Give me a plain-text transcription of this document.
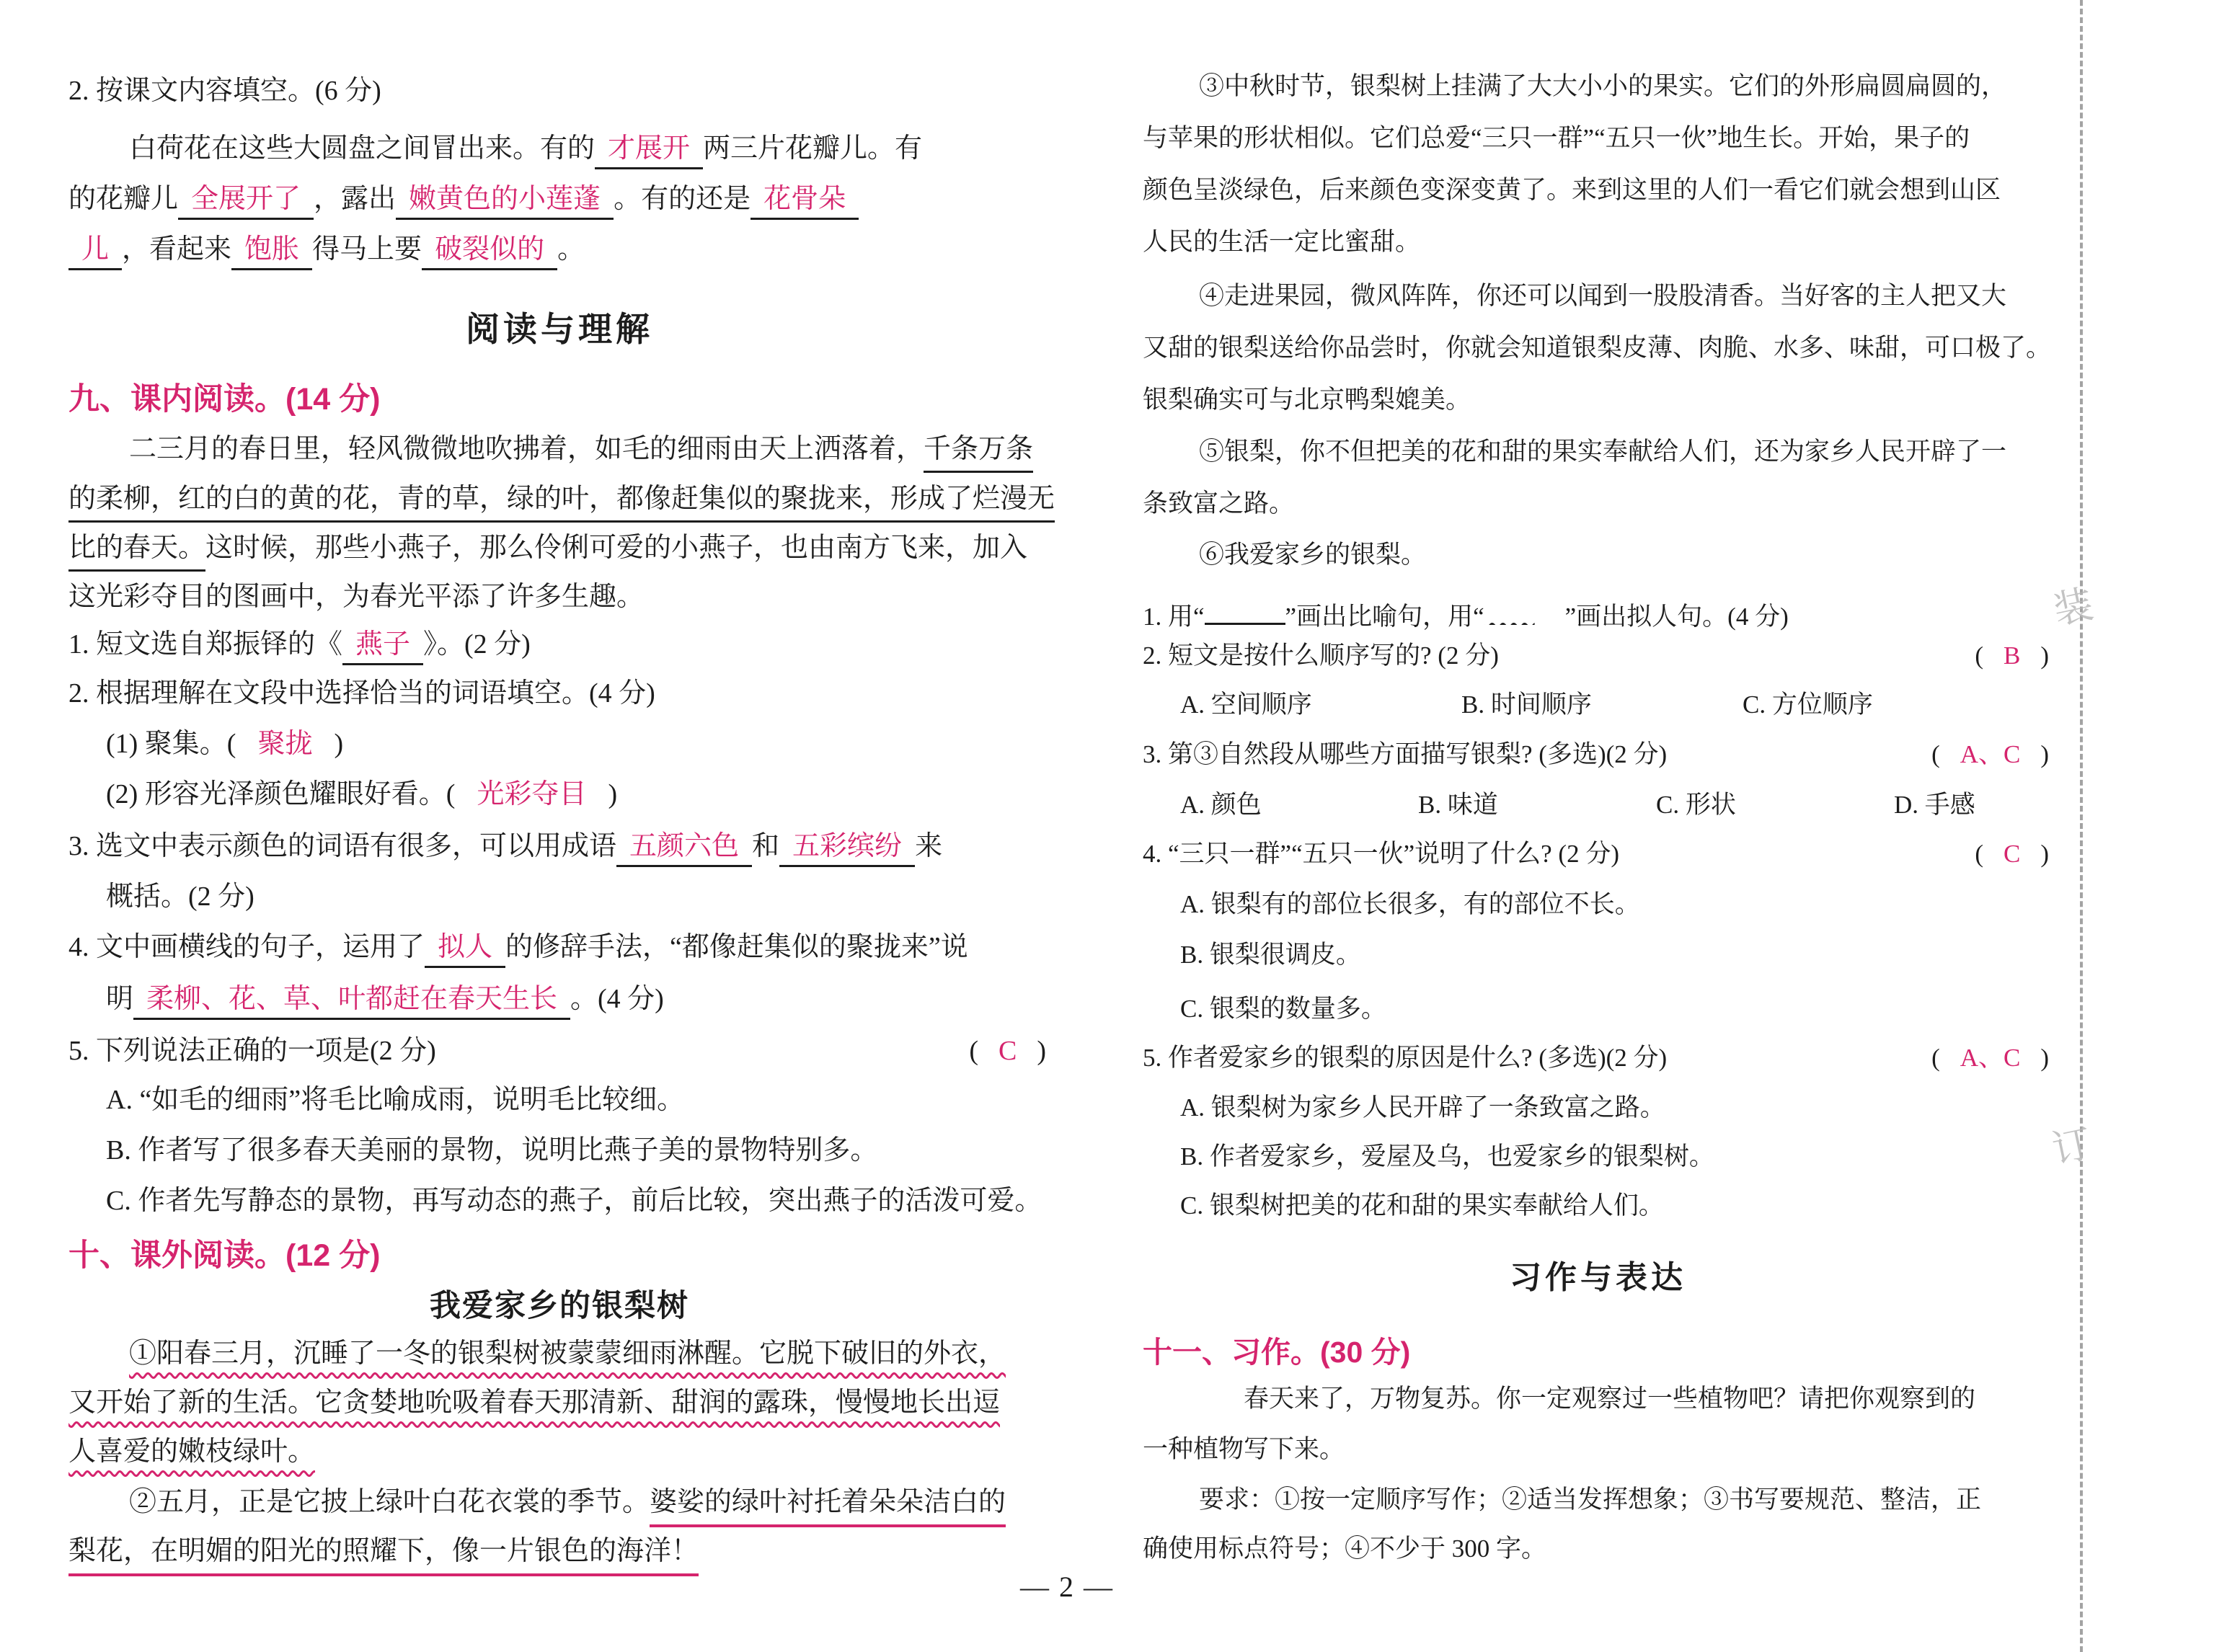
2. 按课文内容填空。(6 分)
白荷花在这些大圆盘之间冒出来。有的 才展开 两三片花瓣儿。有
的花瓣儿 全展开了 ，露出 嫩黄色的小莲蓬 。有的还是 花骨朵
儿 ，看起来 饱胀 得马上要 破裂似的 。
阅读与理解
九、课内阅读。(14 分)
二三月的春日里，轻风微微地吹拂着，如毛的细雨由天上洒落着，千条万条
的柔柳，红的白的黄的花，青的草，绿的叶，都像赶集似的聚拢来，形成了烂漫无
比的春天。这时候，那些小燕子，那么伶俐可爱的小燕子，也由南方飞来，加入
这光彩夺目的图画中，为春光平添了许多生趣。
1. 短文选自郑振铎的《 燕子 》。(2 分)
2. 根据理解在文段中选择恰当的词语填空。(4 分)
(1) 聚集。( 聚拢 )
(2) 形容光泽颜色耀眼好看。( 光彩夺目 )
3. 选文中表示颜色的词语有很多，可以用成语 五颜六色 和 五彩缤纷 来
概括。(2 分)
4. 文中画横线的句子，运用了 拟人 的修辞手法，“都像赶集似的聚拢来”说
明 柔柳、花、草、叶都赶在春天生长 。(4 分)
5. 下列说法正确的一项是(2 分)	( C )
A. “如毛的细雨”将毛比喻成雨，说明毛比较细。
B. 作者写了很多春天美丽的景物，说明比燕子美的景物特别多。
C. 作者先写静态的景物，再写动态的燕子，前后比较，突出燕子的活泼可爱。
十、课外阅读。(12 分)
我爱家乡的银梨树
①阳春三月，沉睡了一冬的银梨树被蒙蒙细雨淋醒。它脱下破旧的外衣，
又开始了新的生活。它贪婪地吮吸着春天那清新、甜润的露珠，慢慢地长出逗
人喜爱的嫩枝绿叶。
②五月，正是它披上绿叶白花衣裳的季节。婆娑的绿叶衬托着朵朵洁白的
梨花，在明媚的阳光的照耀下，像一片银色的海洋！
③中秋时节，银梨树上挂满了大大小小的果实。它们的外形扁圆扁圆的，
与苹果的形状相似。它们总爱“三只一群”“五只一伙”地生长。开始，果子的
颜色呈淡绿色，后来颜色变深变黄了。来到这里的人们一看它们就会想到山区
人民的生活一定比蜜甜。
④走进果园，微风阵阵，你还可以闻到一股股清香。当好客的主人把又大
又甜的银梨送给你品尝时，你就会知道银梨皮薄、肉脆、水多、味甜，可口极了。
银梨确实可与北京鸭梨媲美。
⑤银梨，你不但把美的花和甜的果实奉献给人们，还为家乡人民开辟了一
条致富之路。
⑥我爱家乡的银梨。
1. 用“	”画出比喻句，用“	”画出拟人句。(4 分)
2. 短文是按什么顺序写的? (2 分)	( B )
A. 空间顺序	B. 时间顺序	C. 方位顺序
3. 第③自然段从哪些方面描写银梨? (多选)(2 分)	( A、C )
A. 颜色	B. 味道	C. 形状	D. 手感
4. “三只一群”“五只一伙”说明了什么? (2 分)	( C )
A. 银梨有的部位长很多，有的部位不长。
B. 银梨很调皮。
C. 银梨的数量多。
5. 作者爱家乡的银梨的原因是什么? (多选)(2 分)	( A、C )
A. 银梨树为家乡人民开辟了一条致富之路。
B. 作者爱家乡，爱屋及乌，也爱家乡的银梨树。
C. 银梨树把美的花和甜的果实奉献给人们。
习作与表达
十一、习作。(30 分)
春天来了，万物复苏。你一定观察过一些植物吧？请把你观察到的
一种植物写下来。
要求：①按一定顺序写作；②适当发挥想象；③书写要规范、整洁，正
确使用标点符号；④不少于 300 字。
装
订
— 2 —
